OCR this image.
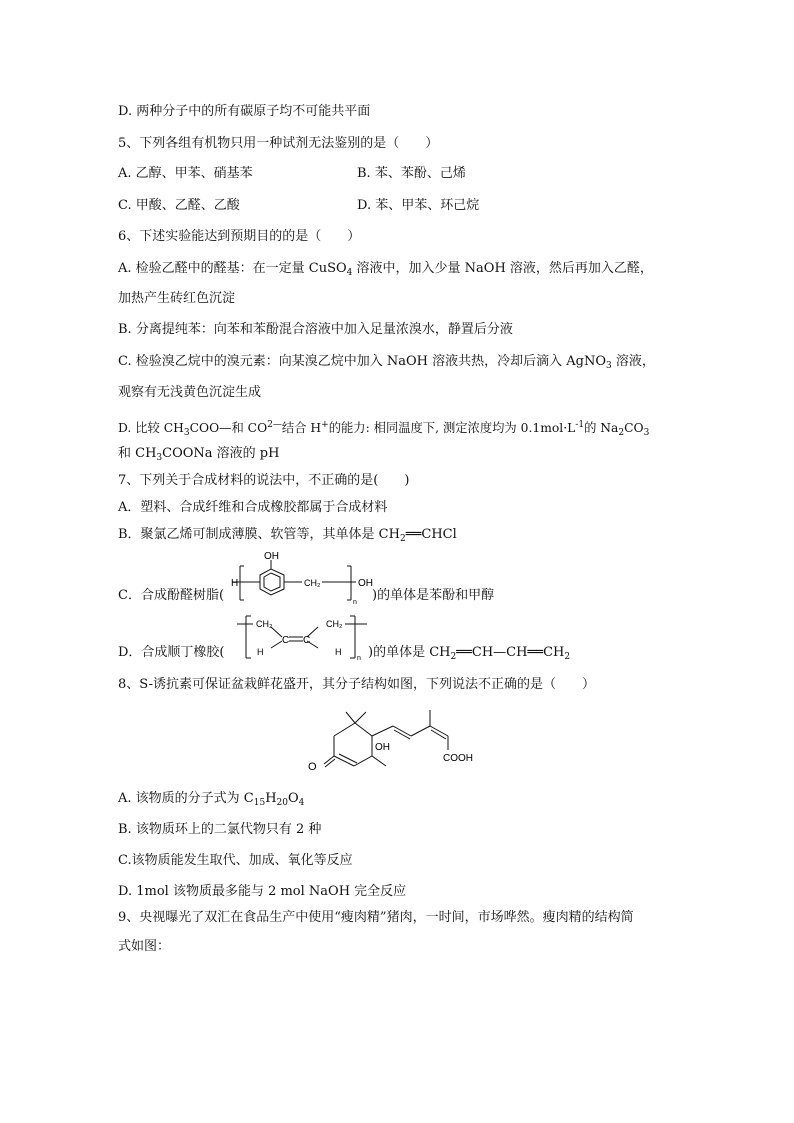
D. 两种分子中的所有碳原子均不可能共平面
5、下列各组有机物只用一种试剂无法鉴别的是（　　）
A. 乙醇、甲苯、硝基苯	B. 苯、苯酚、己烯
C. 甲酸、乙醛、乙酸	D. 苯、甲苯、环己烷
6、下述实验能达到预期目的的是（　　）
A. 检验乙醛中的醛基：在一定量 CuSO$_4$ 溶液中，加入少量 NaOH 溶液，然后再加入乙醛，
加热产生砖红色沉淀
B. 分离提纯苯：向苯和苯酚混合溶液中加入足量浓溴水，静置后分液
C. 检验溴乙烷中的溴元素：向某溴乙烷中加入 NaOH 溶液共热，冷却后滴入 AgNO$_3$ 溶液，
观察有无浅黄色沉淀生成
D. 比较 $CH_3COO—$和 $CO^{2—}$结合 H+的能力: 相同温度下, 测定浓度均为 $0.1mol\cdot L^{-1}$的 $Na_2CO_3$
和 $CH_3COONa$ 溶液的 pH
7、下列关于合成材料的说法中，不正确的是(　　)
A．塑料、合成纤维和合成橡胶都属于合成材料
B．聚氯乙烯可制成薄膜、软管等，其单体是 $CH_2══CHCl$
C．合成酚醛树脂(
OH
H	CH₂
n
OH
)的单体是苯酚和甲醇
D．合成顺丁橡胶(
CH₂	CH₂
C C
H	H
n )的单体是 $CH_2══CH—CH══CH_2$
8、S-诱抗素可保证盆栽鲜花盛开，其分子结构如图，下列说法不正确的是（　　）
OH
O
COOH
A. 该物质的分子式为 $C_{15}H_{20}O_4$
B. 该物质环上的二氯代物只有 2 种
C.该物质能发生取代、加成、氧化等反应
D. 1mol 该物质最多能与 2 mol NaOH 完全反应
9、央视曝光了双汇在食品生产中使用“瘦肉精”猪肉，一时间，市场哗然。瘦肉精的结构简
式如图：
